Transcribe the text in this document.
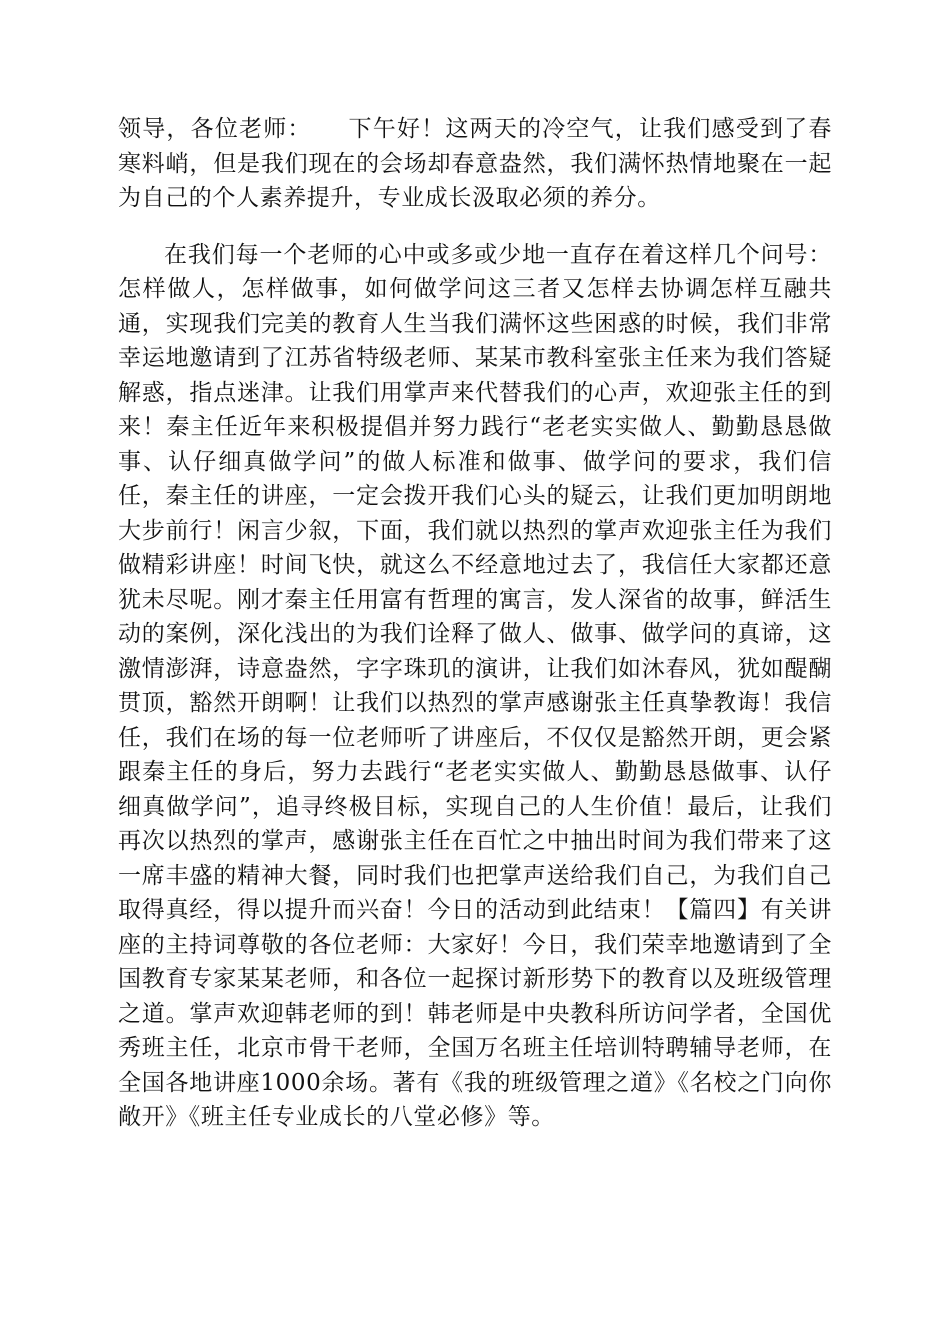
领导，各位老师：　　下午好！这两天的冷空气，让我们感受到了春寒料峭，但是我们现在的会场却春意盎然，我们满怀热情地聚在一起为自己的个人素养提升，专业成长汲取必须的养分。

在我们每一个老师的心中或多或少地一直存在着这样几个问号：怎样做人，怎样做事，如何做学问这三者又怎样去协调怎样互融共通，实现我们完美的教育人生当我们满怀这些困惑的时候，我们非常幸运地邀请到了江苏省特级老师、某某市教科室张主任来为我们答疑解惑，指点迷津。让我们用掌声来代替我们的心声，欢迎张主任的到来！秦主任近年来积极提倡并努力践行“老老实实做人、勤勤恳恳做事、认仔细真做学问”的做人标准和做事、做学问的要求，我们信任，秦主任的讲座，一定会拨开我们心头的疑云，让我们更加明朗地大步前行！闲言少叙，下面，我们就以热烈的掌声欢迎张主任为我们做精彩讲座！时间飞快，就这么不经意地过去了，我信任大家都还意犹未尽呢。刚才秦主任用富有哲理的寓言，发人深省的故事，鲜活生动的案例，深化浅出的为我们诠释了做人、做事、做学问的真谛，这激情澎湃，诗意盎然，字字珠玑的演讲，让我们如沐春风，犹如醍醐贯顶，豁然开朗啊！让我们以热烈的掌声感谢张主任真挚教诲！我信任，我们在场的每一位老师听了讲座后，不仅仅是豁然开朗，更会紧跟秦主任的身后，努力去践行“老老实实做人、勤勤恳恳做事、认仔细真做学问”，追寻终极目标，实现自己的人生价值！最后，让我们再次以热烈的掌声，感谢张主任在百忙之中抽出时间为我们带来了这一席丰盛的精神大餐，同时我们也把掌声送给我们自己，为我们自己取得真经，得以提升而兴奋！今日的活动到此结束！【篇四】有关讲座的主持词尊敬的各位老师：大家好！今日，我们荣幸地邀请到了全国教育专家某某老师，和各位一起探讨新形势下的教育以及班级管理之道。掌声欢迎韩老师的到！韩老师是中央教科所访问学者，全国优秀班主任，北京市骨干老师，全国万名班主任培训特聘辅导老师，在全国各地讲座1000余场。著有《我的班级管理之道》《名校之门向你敞开》《班主任专业成长的八堂必修》等。
